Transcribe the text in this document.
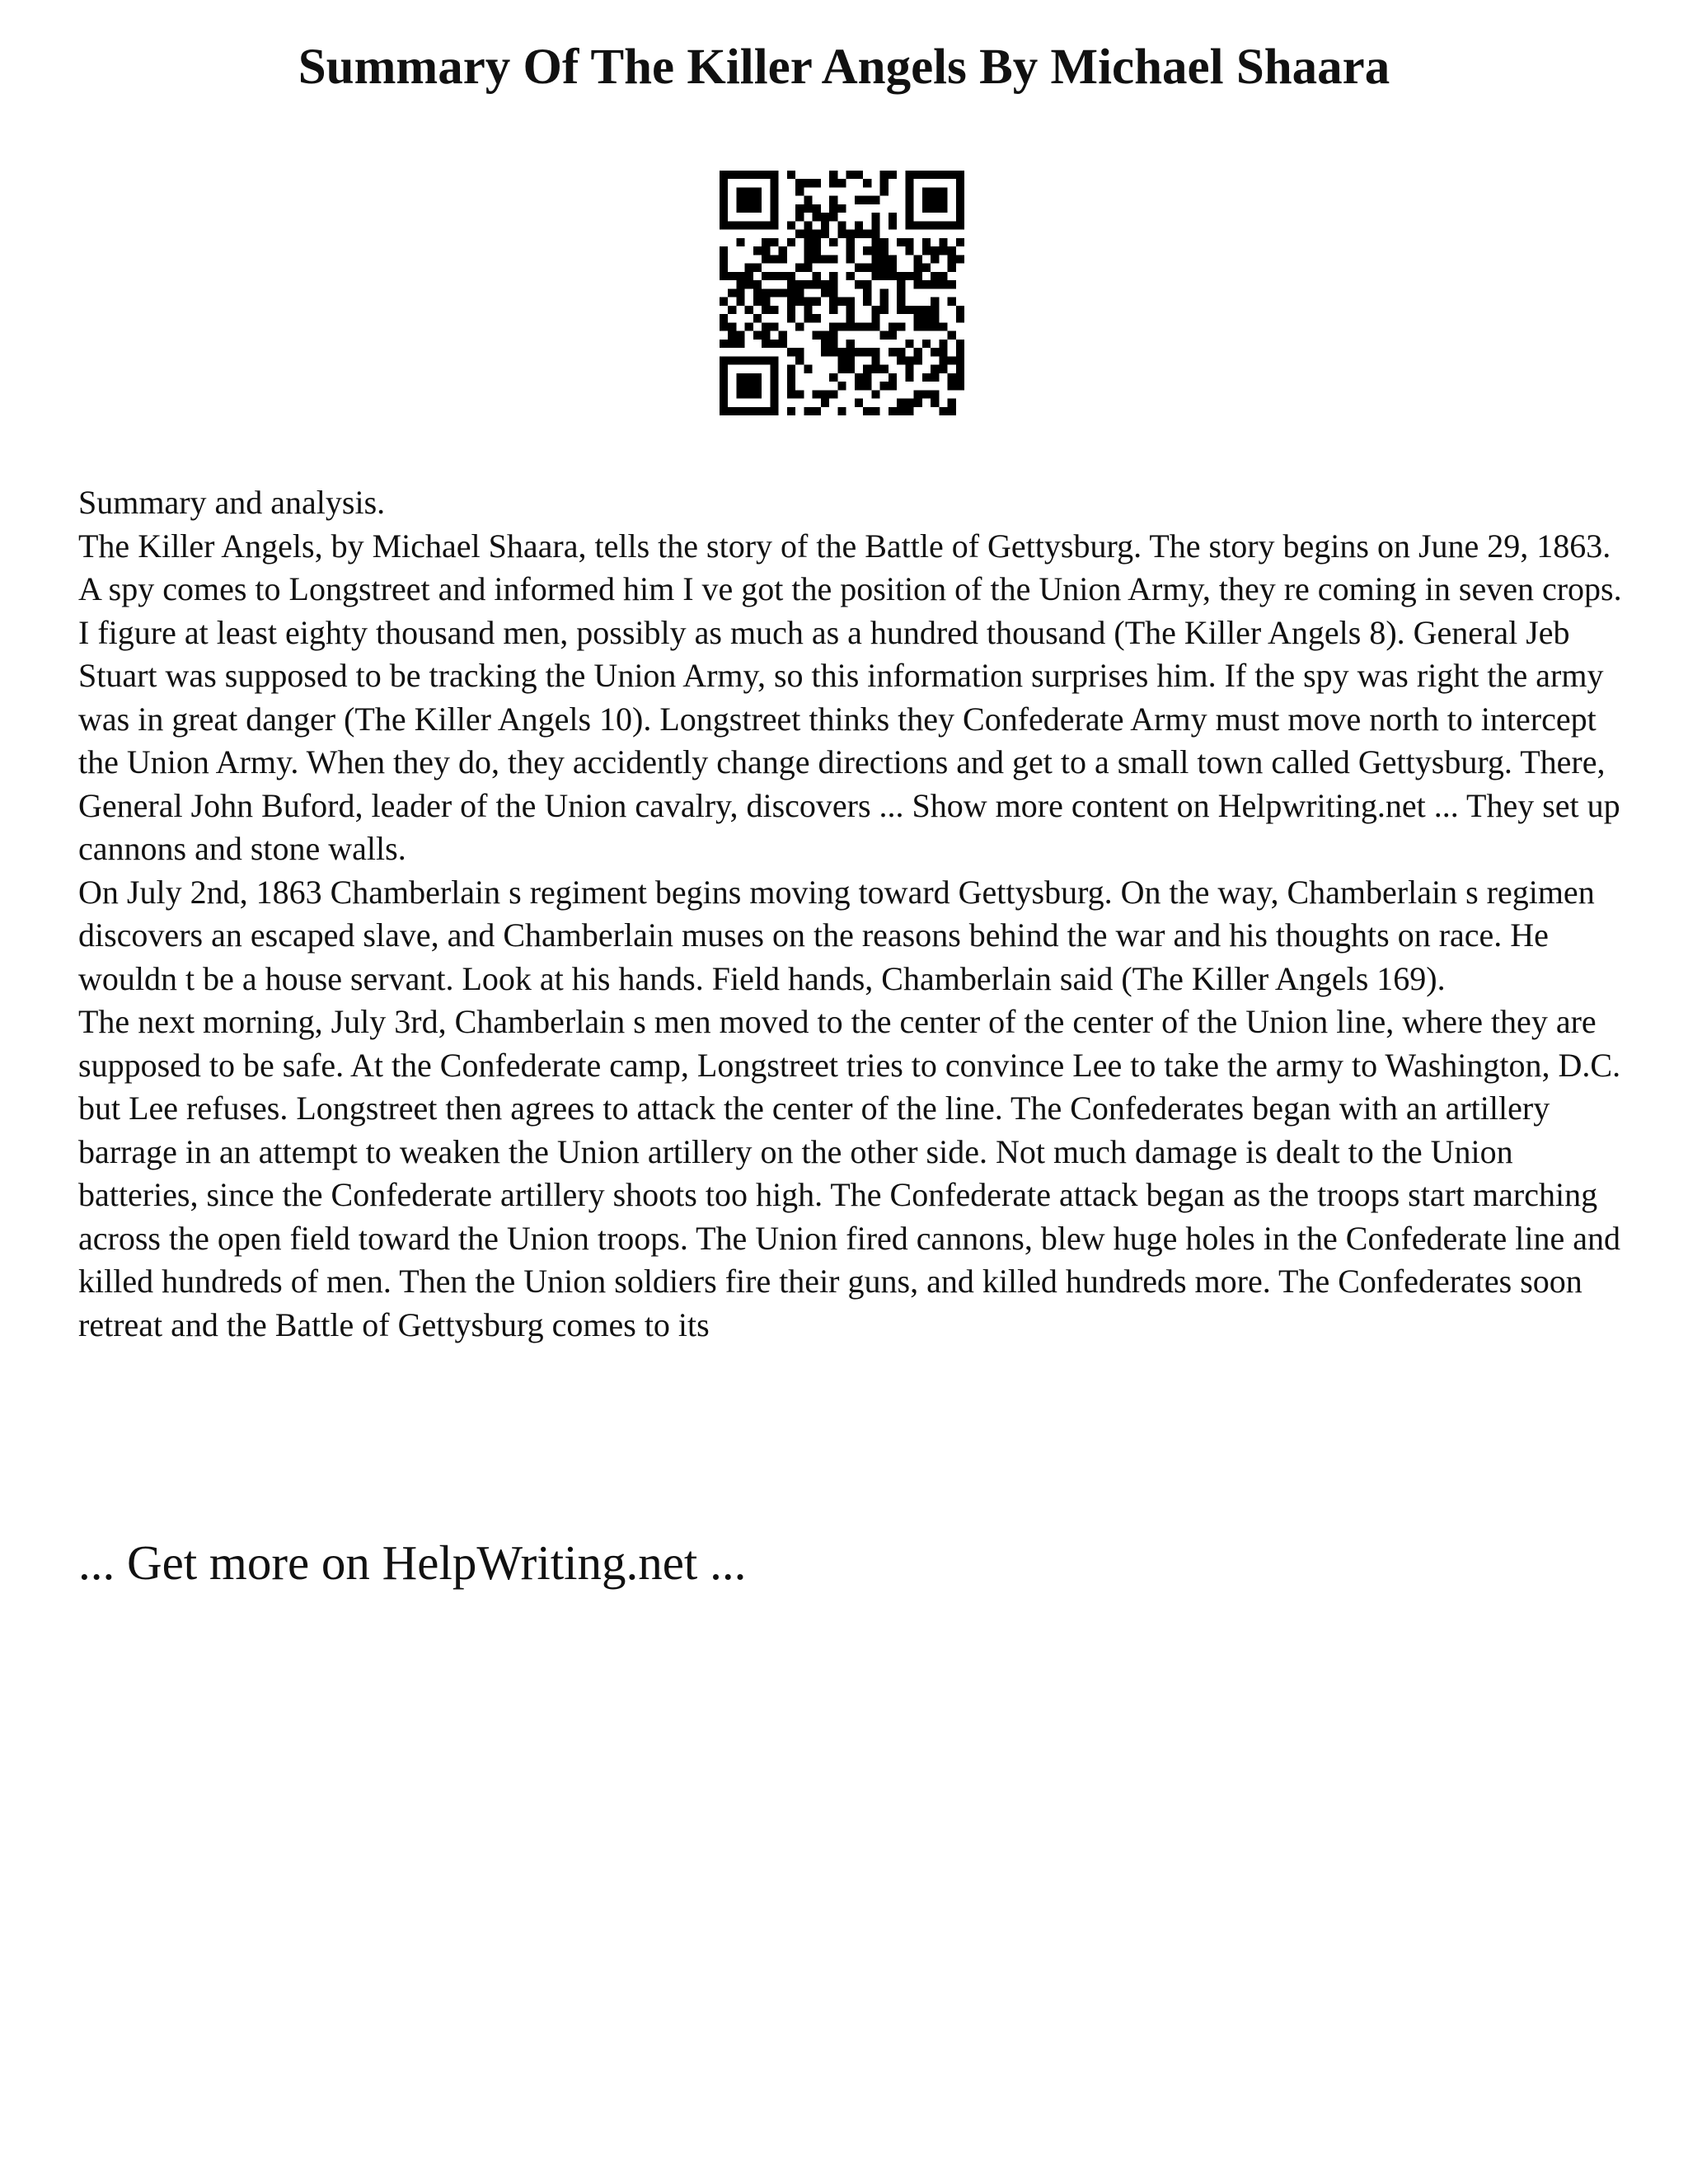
Summary Of The Killer Angels By Michael Shaara

Summary and analysis.

The Killer Angels, by Michael Shaara, tells the story of the Battle of Gettysburg. The story begins on June 29, 1863. A spy comes to Longstreet and informed him I ve got the position of the Union Army, they re coming in seven crops. I figure at least eighty thousand men, possibly as much as a hundred thousand (The Killer Angels 8). General Jeb Stuart was supposed to be tracking the Union Army, so this information surprises him. If the spy was right the army was in great danger (The Killer Angels 10). Longstreet thinks they Confederate Army must move north to intercept the Union Army. When they do, they accidently change directions and get to a small town called Gettysburg. There, General John Buford, leader of the Union cavalry, discovers ... Show more content on Helpwriting.net ... They set up cannons and stone walls.

On July 2nd, 1863 Chamberlain s regiment begins moving toward Gettysburg. On the way, Chamberlain s regimen discovers an escaped slave, and Chamberlain muses on the reasons behind the war and his thoughts on race. He wouldn t be a house servant. Look at his hands. Field hands, Chamberlain said (The Killer Angels 169).

The next morning, July 3rd, Chamberlain s men moved to the center of the center of the Union line, where they are supposed to be safe. At the Confederate camp, Longstreet tries to convince Lee to take the army to Washington, D.C. but Lee refuses. Longstreet then agrees to attack the center of the line. The Confederates began with an artillery barrage in an attempt to weaken the Union artillery on the other side. Not much damage is dealt to the Union batteries, since the Confederate artillery shoots too high. The Confederate attack began as the troops start marching across the open field toward the Union troops. The Union fired cannons, blew huge holes in the Confederate line and killed hundreds of men. Then the Union soldiers fire their guns, and killed hundreds more. The Confederates soon retreat and the Battle of Gettysburg comes to its

... Get more on HelpWriting.net ...
